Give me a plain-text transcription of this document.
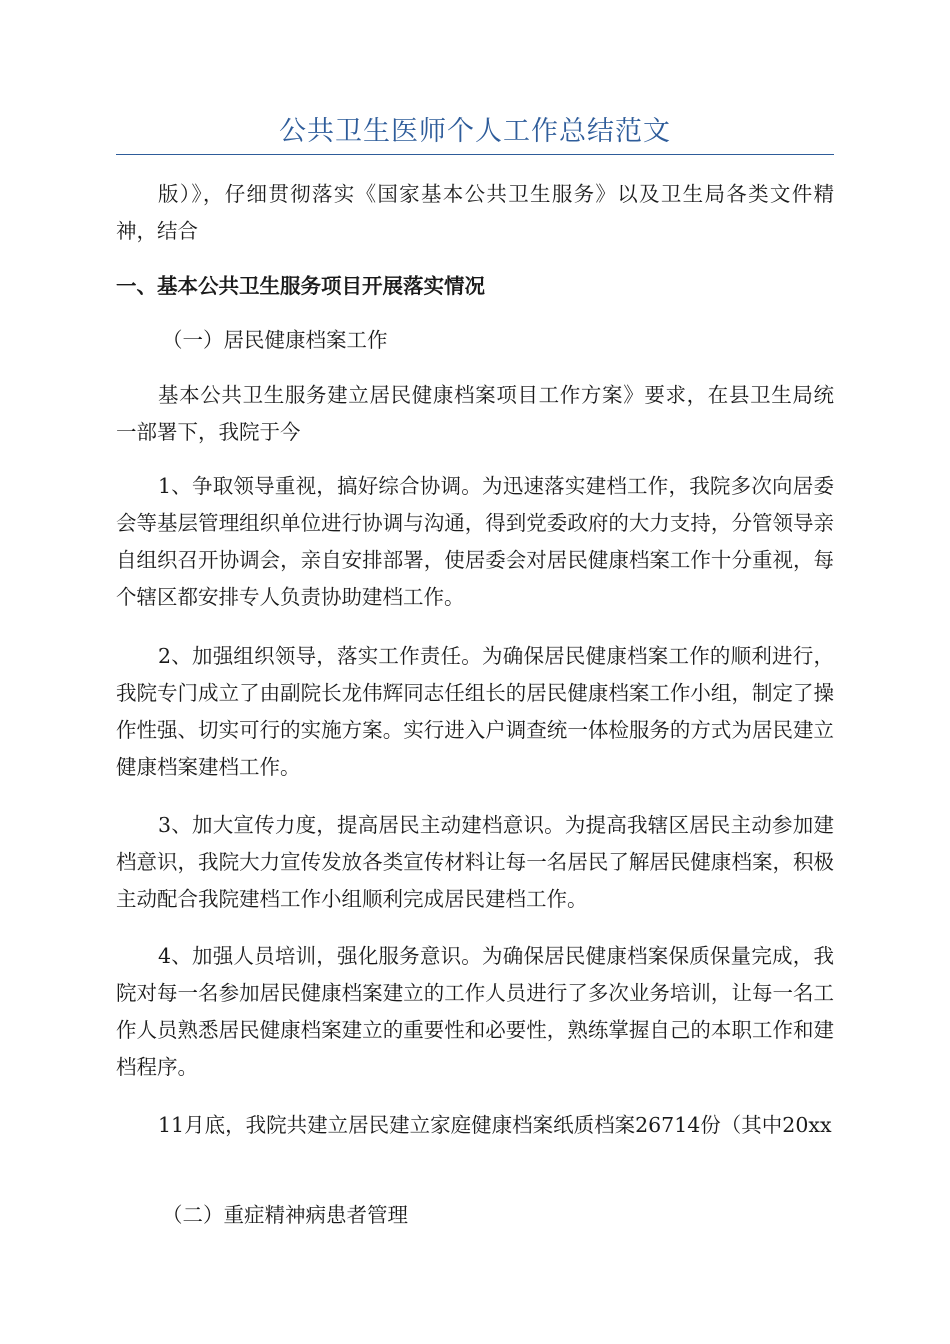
公共卫生医师个人工作总结范文

版）》，仔细贯彻落实《国家基本公共卫生服务》以及卫生局各类文件精神，结合

一、基本公共卫生服务项目开展落实情况

（一）居民健康档案工作

基本公共卫生服务建立居民健康档案项目工作方案》要求，在县卫生局统一部署下，我院于今

1、争取领导重视，搞好综合协调。为迅速落实建档工作，我院多次向居委会等基层管理组织单位进行协调与沟通，得到党委政府的大力支持，分管领导亲自组织召开协调会，亲自安排部署，使居委会对居民健康档案工作十分重视，每个辖区都安排专人负责协助建档工作。

2、加强组织领导，落实工作责任。为确保居民健康档案工作的顺利进行，我院专门成立了由副院长龙伟辉同志任组长的居民健康档案工作小组，制定了操作性强、切实可行的实施方案。实行进入户调查统一体检服务的方式为居民建立健康档案建档工作。

3、加大宣传力度，提高居民主动建档意识。为提高我辖区居民主动参加建档意识，我院大力宣传发放各类宣传材料让每一名居民了解居民健康档案，积极主动配合我院建档工作小组顺利完成居民建档工作。

4、加强人员培训，强化服务意识。为确保居民健康档案保质保量完成，我院对每一名参加居民健康档案建立的工作人员进行了多次业务培训，让每一名工作人员熟悉居民健康档案建立的重要性和必要性，熟练掌握自己的本职工作和建档程序。

11月底，我院共建立居民建立家庭健康档案纸质档案26714份（其中20xx

（二）重症精神病患者管理
